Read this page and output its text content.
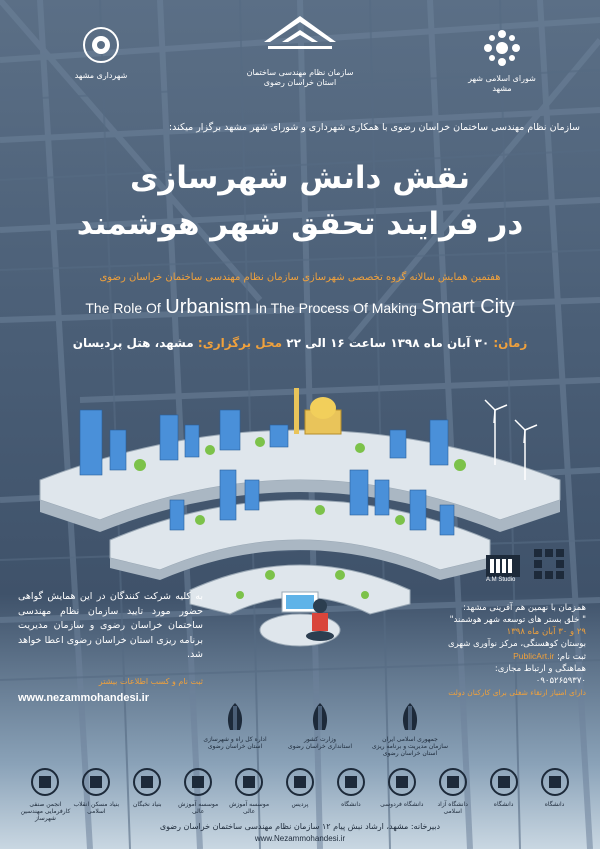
شهرداری مشهد	سازمان نظام مهندسی ساختمان
استان خراسان رضوی	شورای اسلامی شهر مشهد
سازمان نظام مهندسی ساختمان خراسان رضوی با همکاری شهرداری و شورای شهر مشهد برگزار میکند:
نقش دانش شهرسازی
در فرایند تحقق شهر هوشمند
هفتمین همایش سالانه گروه تخصصی شهرسازی سازمان نظام مهندسی ساختمان خراسان رضوی
The Role Of Urbanism In The Process Of Making Smart City
زمان: ۳۰ آبان ماه ۱۳۹۸ ساعت ۱۶ الی ۲۲ محل برگزاری: مشهد، هتل پردیسان
به کلیه شرکت کنندگان در این همایش گواهی حضور مورد تایید سازمان نظام مهندسی ساختمان خراسان رضوی و سازمان مدیریت برنامه ریزی استان خراسان رضوی اعطا خواهد شد.
ثبت نام و کسب اطلاعات بیشتر
www.nezammohandesi.ir
A.M Studio
همزمان با نهمین هم آفرینی مشهد:
" خلق بستر های توسعه شهر هوشمند"
۲۹ و ۳۰ آبان ماه ۱۳۹۸
بوستان کوهسنگی، مرکز نوآوری شهری
ثبت نام: PublicArt.ir
هماهنگی و ارتباط مجازی:
۰۹۰۵۲۶۵۹۳۷۰
دارای امتیاز ارتقاء شغلی برای کارکنان دولت
اداره کل راه و شهرسازی
استان خراسان رضوی
وزارت کشور
استانداری خراسان رضوی
جمهوری اسلامی ایران
سازمان مدیریت و برنامه ریزی استان خراسان رضوی
انجمن صنفی کارفرمایی مهندسین شهرساز
بنیاد مسکن انقلاب اسلامی
بنیاد نخبگان	موسسه آموزش عالی
موسسه آموزش عالی
پردیس	دانشگاه	دانشگاه فردوسی	دانشگاه آزاد اسلامی
دانشگاه	دانشگاه
دبیرخانه: مشهد، ارشاد نبش پیام ۱۲ سازمان نظام مهندسی ساختمان خراسان رضوی
www.Nezammohandesi.ir
